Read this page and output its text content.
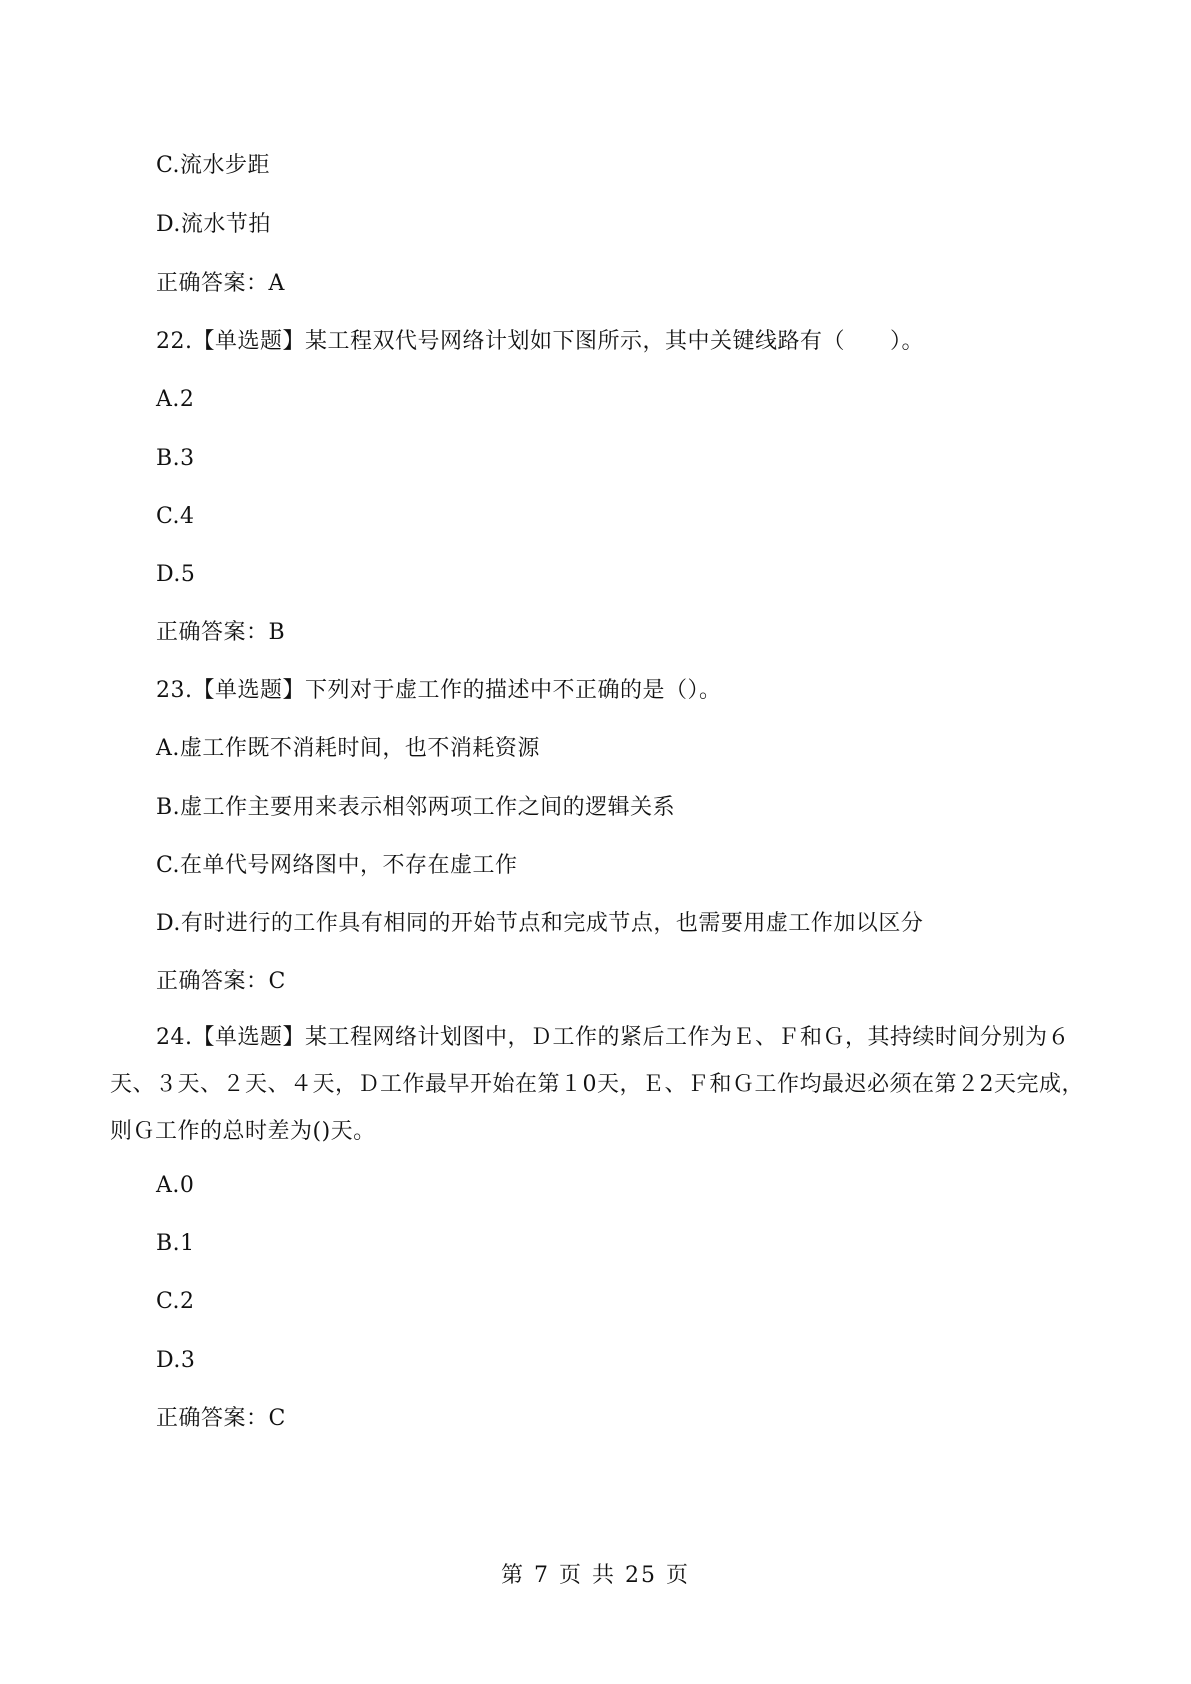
C.流水步距
D.流水节拍
正确答案：A
22.【单选题】某工程双代号网络计划如下图所示，其中关键线路有（　　）。
A.2
B.3
C.4
D.5
正确答案：B
23.【单选题】下列对于虚工作的描述中不正确的是（）。
A.虚工作既不消耗时间，也不消耗资源
B.虚工作主要用来表示相邻两项工作之间的逻辑关系
C.在单代号网络图中，不存在虚工作
D.有时进行的工作具有相同的开始节点和完成节点，也需要用虚工作加以区分
正确答案：C
24.【单选题】某工程网络计划图中，Ｄ工作的紧后工作为Ｅ、Ｆ和Ｇ，其持续时间分别为６天、３天、２天、４天，Ｄ工作最早开始在第１0天，Ｅ、Ｆ和Ｇ工作均最迟必须在第２2天完成，则Ｇ工作的总时差为()天。
A.0
B.1
C.2
D.3
正确答案：C
第 7 页 共 25 页
